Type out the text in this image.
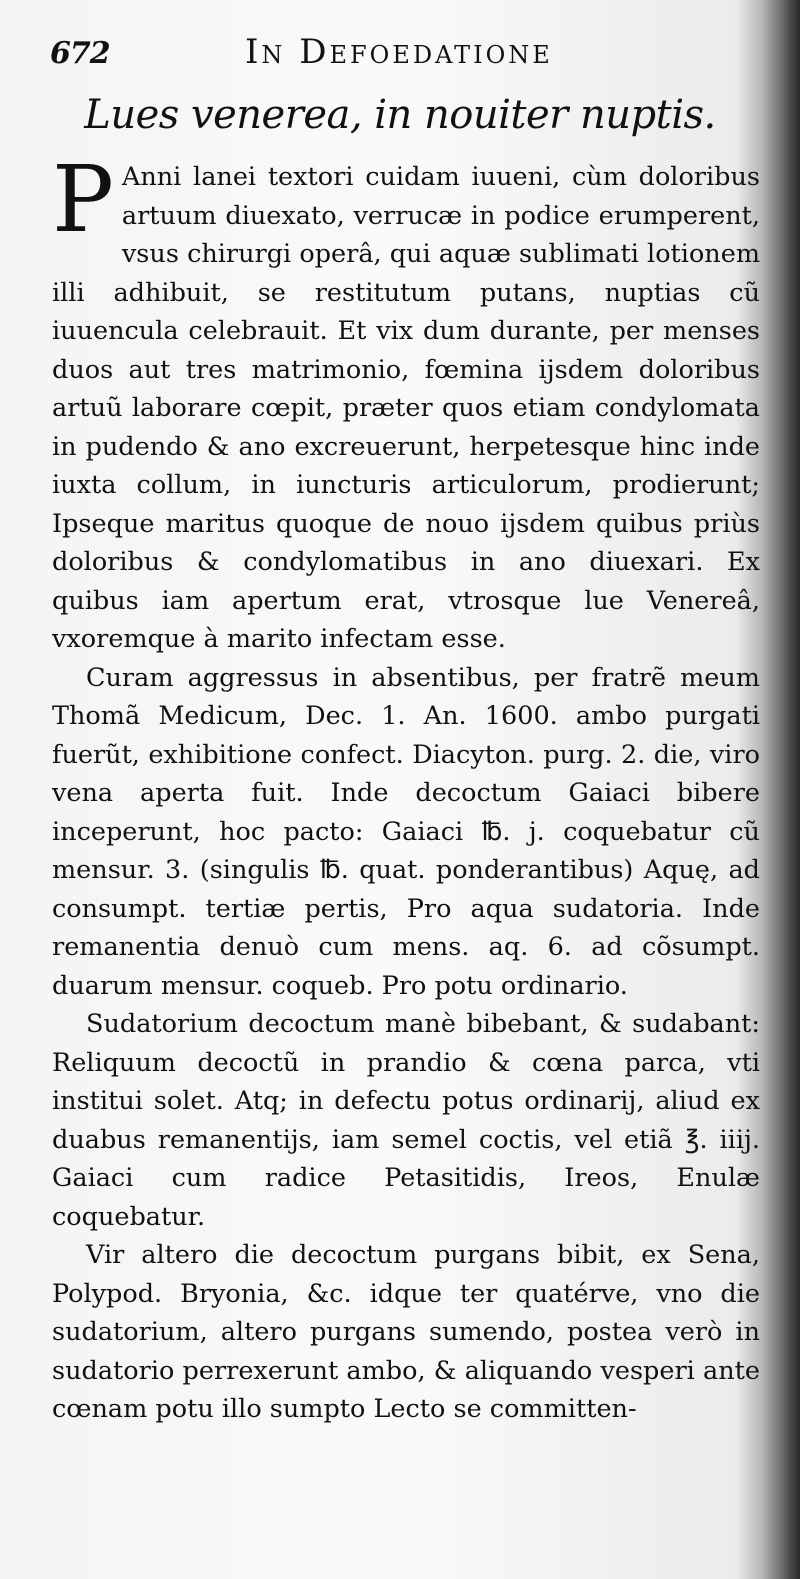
672	In Defoedatione
Lues venerea, in nouiter nuptis.

P Anni lanei textori cuidam iuueni, cùm doloribus artuum diuexato, verrucæ in podice erumperent, vsus chirurgi operâ, qui aquæ sublimati lotionem illi adhibuit, se restitutum putans, nuptias cũ iuuencula celebrauit. Et vix dum durante, per menses duos aut tres matrimonio, fœmina ijsdem doloribus artuũ laborare cœpit, præter quos etiam condylomata in pudendo & ano excreuerunt, herpetesque hinc inde iuxta collum, in iuncturis articulorum, prodierunt; Ipseque maritus quoque de nouo ijsdem quibus priùs doloribus & condylomatibus in ano diuexari. Ex quibus iam apertum erat, vtrosque lue Venereâ, vxoremque à marito infectam esse.

Curam aggressus in absentibus, per fratrẽ meum Thomã Medicum, Dec. 1. An. 1600. ambo purgati fuerũt, exhibitione confect. Diacyton. purg. 2. die, viro vena aperta fuit. Inde decoctum Gaiaci bibere inceperunt, hoc pacto: Gaiaci ℔. j. coquebatur cũ mensur. 3. (singulis ℔. quat. ponderantibus) Aquę, ad consumpt. tertiæ pertis, Pro aqua sudatoria. Inde remanentia denuò cum mens. aq. 6. ad cõsumpt. duarum mensur. coqueb. Pro potu ordinario.

Sudatorium decoctum manè bibebant, & sudabant: Reliquum decoctũ in prandio & cœna parca, vti institui solet. Atq; in defectu potus ordinarij, aliud ex duabus remanentijs, iam semel coctis, vel etiã ℥. iiij. Gaiaci cum radice Petasitidis, Ireos, Enulæ coquebatur.

Vir altero die decoctum purgans bibit, ex Sena, Polypod. Bryonia, &c. idque ter quatérve, vno die sudatorium, altero purgans sumendo, postea verò in sudatorio perrexerunt ambo, & aliquando vesperi ante cœnam potu illo sumpto Lecto se committen-
